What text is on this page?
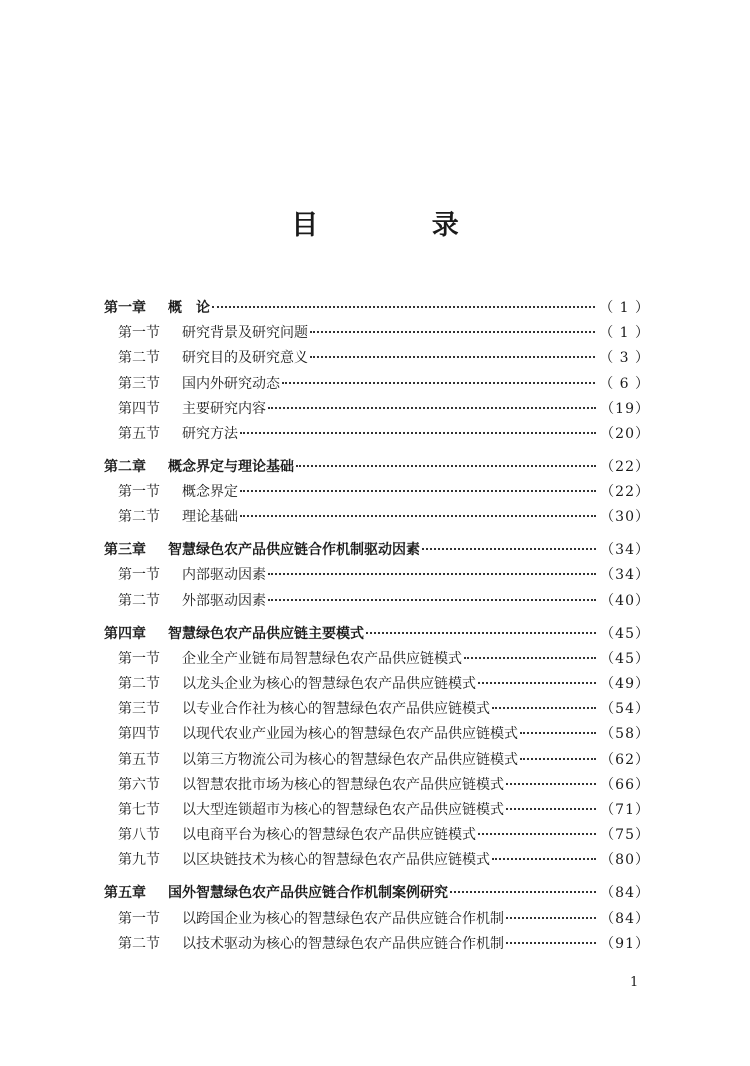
目 录
第一章	概　论	（ 1 ）
第一节	研究背景及研究问题	（ 1 ）
第二节	研究目的及研究意义	（ 3 ）
第三节	国内外研究动态	（ 6 ）
第四节	主要研究内容	（19）
第五节	研究方法	（20）
第二章	概念界定与理论基础	（22）
第一节	概念界定	（22）
第二节	理论基础	（30）
第三章	智慧绿色农产品供应链合作机制驱动因素	（34）
第一节	内部驱动因素	（34）
第二节	外部驱动因素	（40）
第四章	智慧绿色农产品供应链主要模式	（45）
第一节	企业全产业链布局智慧绿色农产品供应链模式	（45）
第二节	以龙头企业为核心的智慧绿色农产品供应链模式	（49）
第三节	以专业合作社为核心的智慧绿色农产品供应链模式	（54）
第四节	以现代农业产业园为核心的智慧绿色农产品供应链模式	（58）
第五节	以第三方物流公司为核心的智慧绿色农产品供应链模式	（62）
第六节	以智慧农批市场为核心的智慧绿色农产品供应链模式	（66）
第七节	以大型连锁超市为核心的智慧绿色农产品供应链模式	（71）
第八节	以电商平台为核心的智慧绿色农产品供应链模式	（75）
第九节	以区块链技术为核心的智慧绿色农产品供应链模式	（80）
第五章	国外智慧绿色农产品供应链合作机制案例研究	（84）
第一节	以跨国企业为核心的智慧绿色农产品供应链合作机制	（84）
第二节	以技术驱动为核心的智慧绿色农产品供应链合作机制	（91）
1
